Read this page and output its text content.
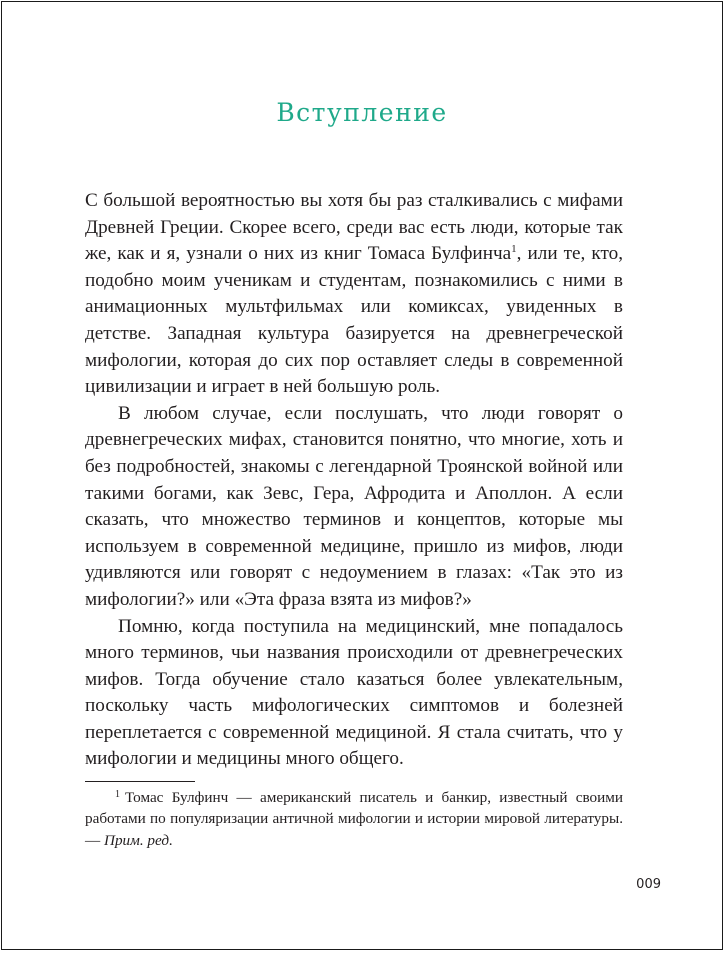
Вступление

С большой вероятностью вы хотя бы раз сталкивались с мифами Древней Греции. Скорее всего, среди вас есть люди, которые так же, как и я, узнали о них из книг Томаса Булфинча$^1$, или те, кто, подобно моим ученикам и студентам, познакомились с ними в анимационных мультфильмах или комиксах, увиденных в детстве. Западная культура базируется на древнегреческой мифологии, которая до сих пор оставляет следы в современной цивилизации и играет в ней большую роль.

В любом случае, если послушать, что люди говорят о древнегреческих мифах, становится понятно, что многие, хоть и без подробностей, знакомы с легендарной Троянской войной или такими богами, как Зевс, Гера, Афродита и Аполлон. А если сказать, что множество терминов и концептов, которые мы используем в современной медицине, пришло из мифов, люди удивляются или говорят с недоумением в глазах: «Так это из мифологии?» или «Эта фраза взята из мифов?»

Помню, когда поступила на медицинский, мне попадалось много терминов, чьи названия происходили от древнегреческих мифов. Тогда обучение стало казаться более увлекательным, поскольку часть мифологических симптомов и болезней переплетается с современной медициной. Я стала считать, что у мифологии и медицины много общего.

$^1$ Томас Булфинч — американский писатель и банкир, известный своими работами по популяризации античной мифологии и истории мировой литературы. — Прим. ред.
009
